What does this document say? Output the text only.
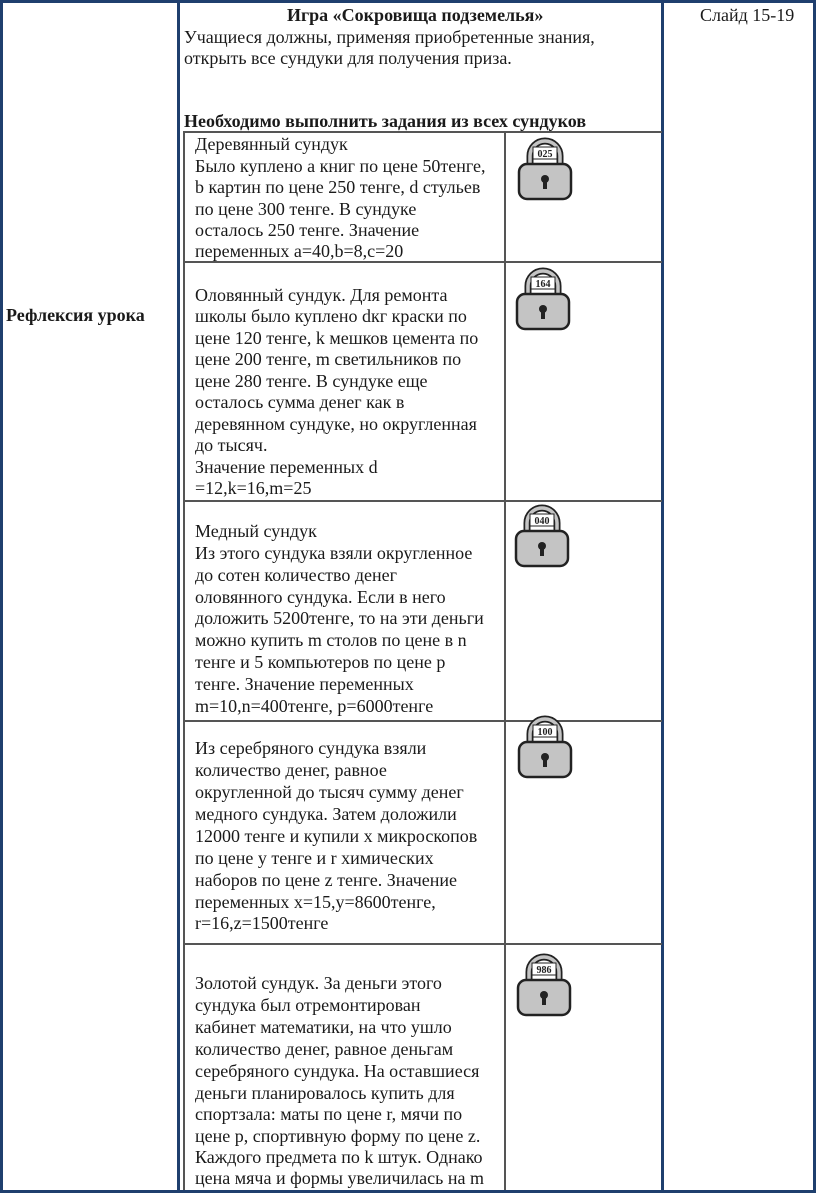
Рефлексия урока
Слайд 15-19
Игра «Сокровища подземелья»
Учащиеся должны, применяя приобретенные знания,
открыть все сундуки для получения приза.
Необходимо выполнить задания из всех сундуков
Деревянный сундук
Было куплено а книг по цене 50тенге,
b картин по цене 250 тенге, d стульев
по цене 300 тенге. В сундуке
осталось 250 тенге. Значение
переменных a=40,b=8,c=20
025
Оловянный сундук. Для ремонта
школы было куплено dкг краски по
цене 120 тенге, k мешков цемента по
цене 200 тенге, m светильников по
цене 280 тенге. В сундуке еще
осталось сумма денег как в
деревянном сундуке, но округленная
до тысяч.
Значение переменных d
=12,k=16,m=25
164
Медный сундук
Из этого сундука взяли округленное
до сотен количество денег
оловянного сундука. Если в него
доложить 5200тенге, то на эти деньги
можно купить m столов по цене в n
тенге и 5 компьютеров по цене p
тенге. Значение переменных
m=10,n=400тенге, p=6000тенге
040
Из серебряного сундука взяли
количество денег, равное
округленной до тысяч сумму денег
медного сундука. Затем доложили
12000 тенге и купили x микроскопов
по цене y тенге и r химических
наборов по цене z тенге. Значение
переменных x=15,y=8600тенге,
r=16,z=1500тенге
100
Золотой сундук. За деньги этого
сундука был отремонтирован
кабинет математики, на что ушло
количество денег, равное деньгам
серебряного сундука. На оставшиеся
деньги планировалось купить для
спортзала: маты по цене r, мячи по
цене p, спортивную форму по цене z.
Каждого предмета по k штук. Однако
цена мяча и формы увеличилась на m
986
